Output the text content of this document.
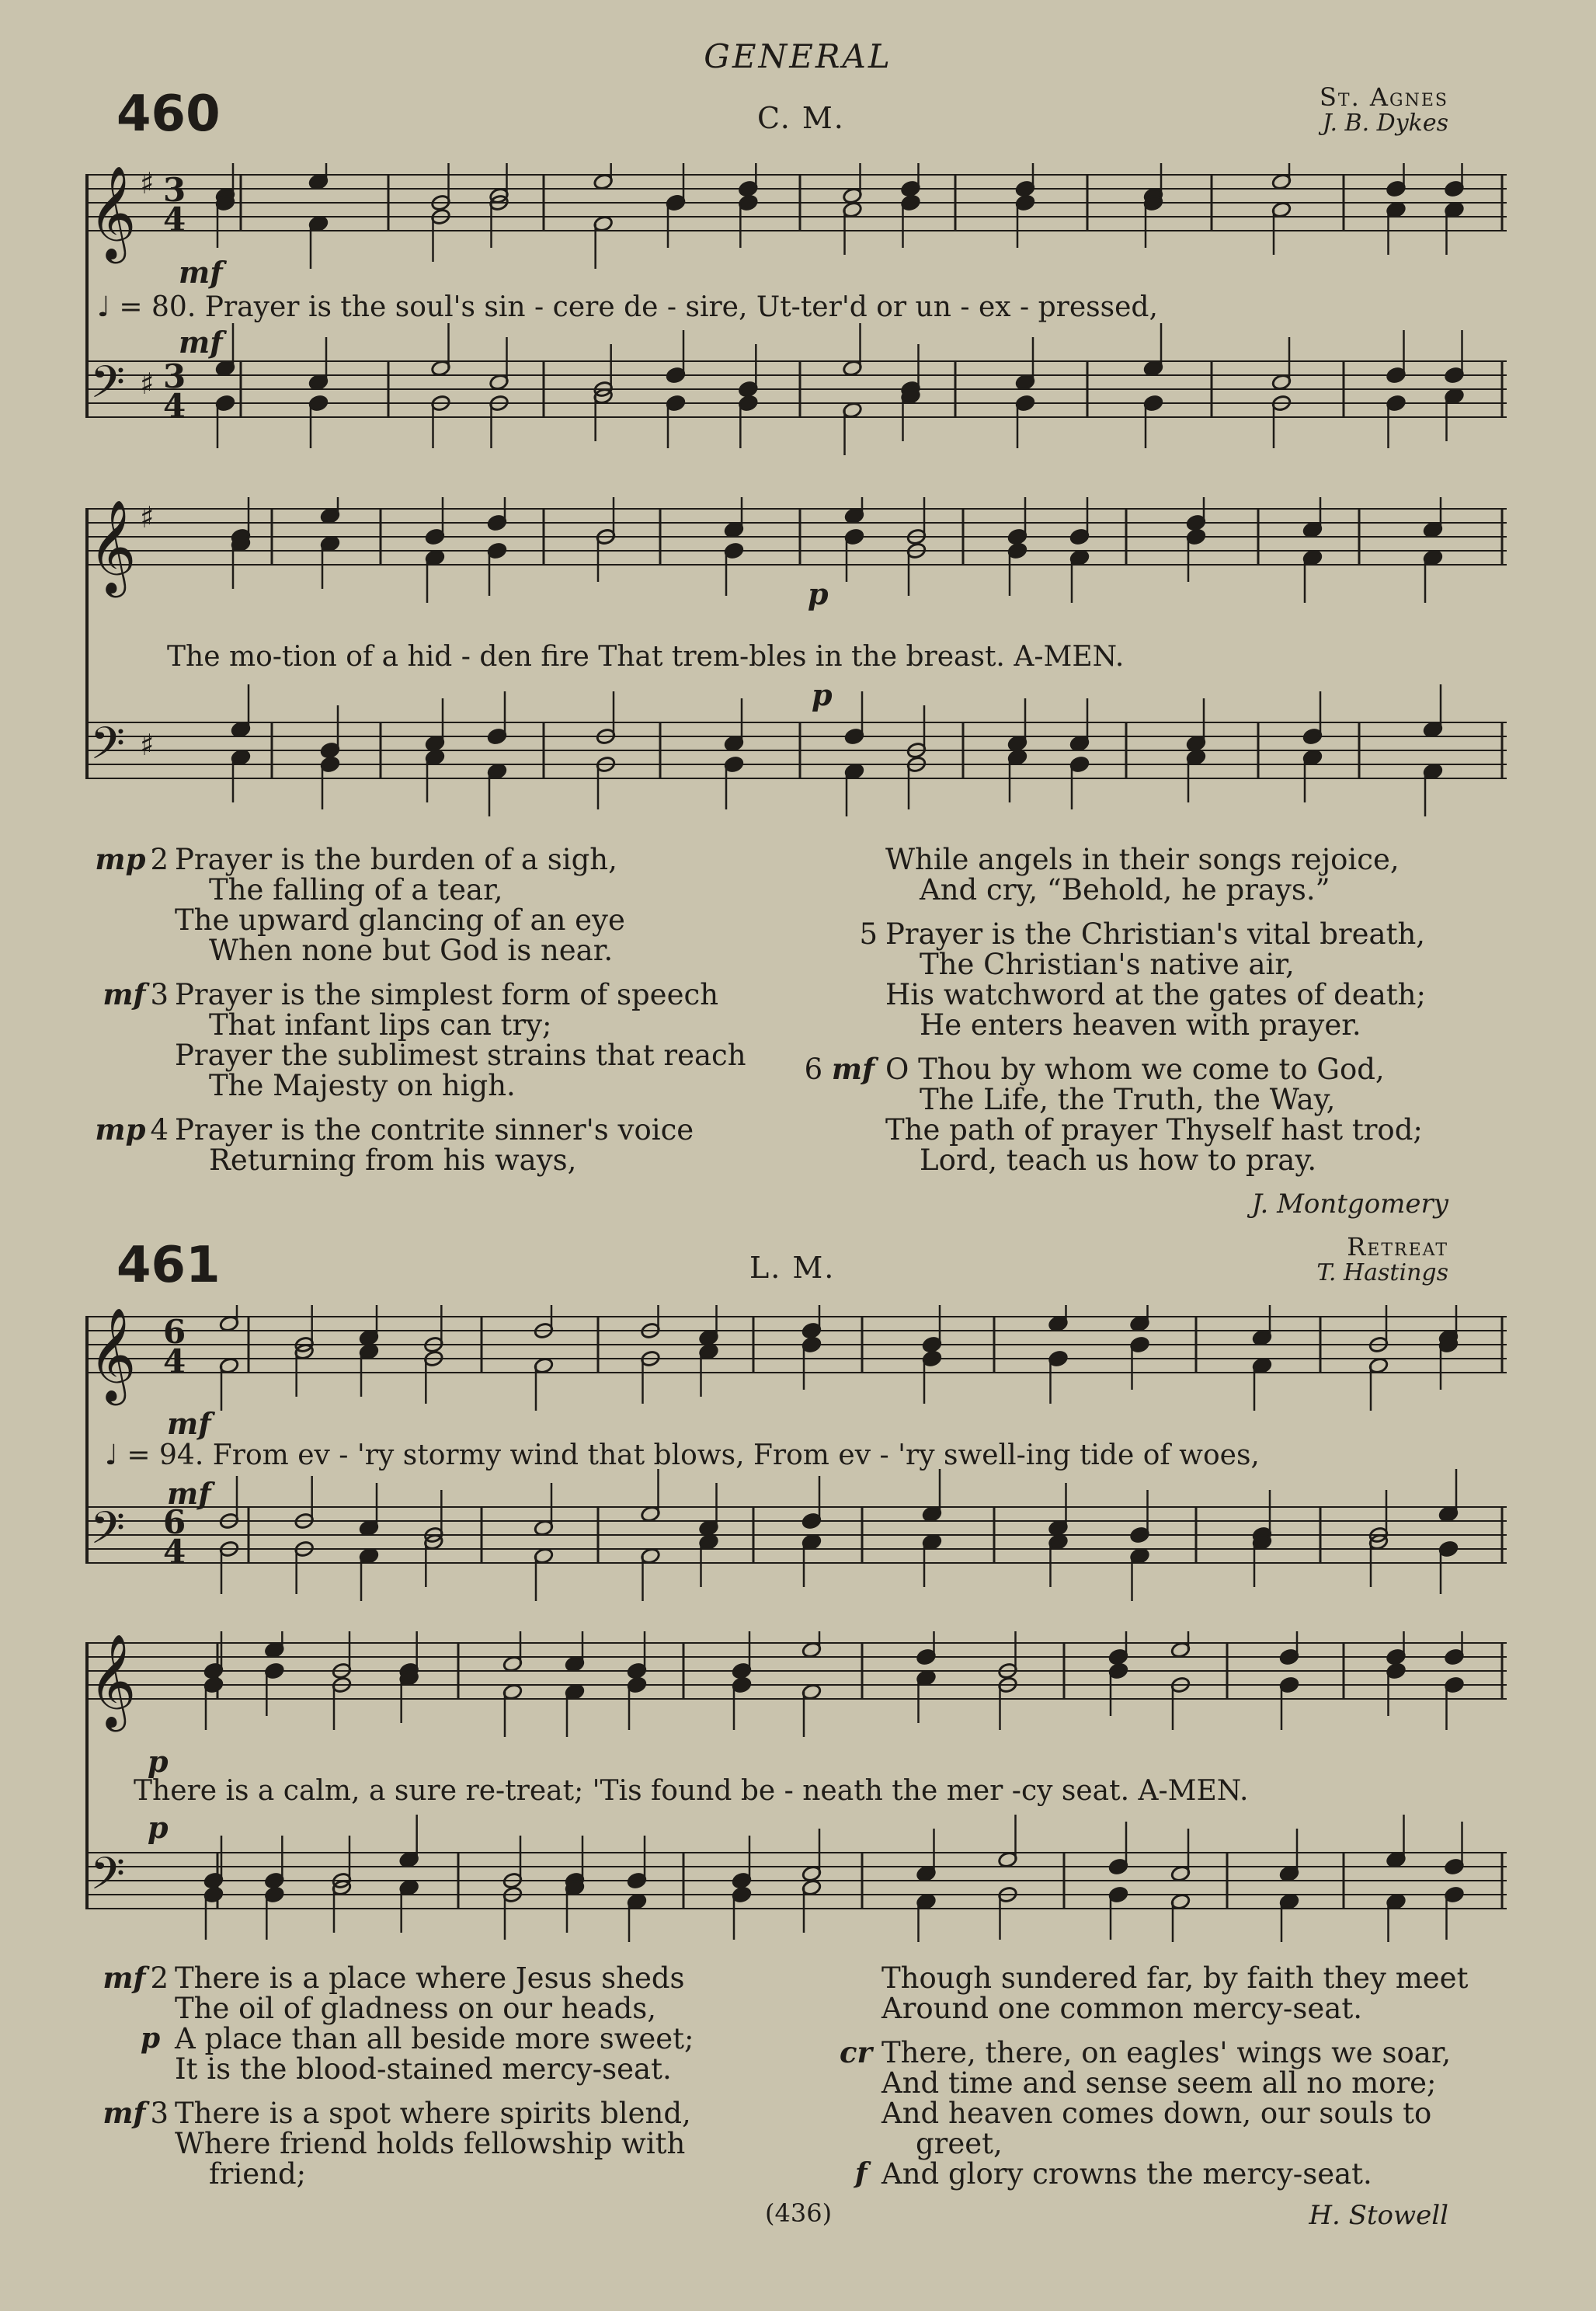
GENERAL
460	C. M.
St. Agnes
J. B. Dykes
𝄞
𝄢
♯
♯
3
4
3
4
mf
mf
♩ = 80. Prayer is the soul's sin - cere de - sire, Ut-ter'd or un - ex - pressed,
𝄞
𝄢
♯
♯
p
p
The mo-tion of a hid - den fire That trem-bles in the breast. A-MEN.
mp 2 Prayer is the burden of a sigh,
The falling of a tear,
The upward glancing of an eye
When none but God is near.
mf 3 Prayer is the simplest form of speech
That infant lips can try;
Prayer the sublimest strains that reach
The Majesty on high.
mp 4 Prayer is the contrite sinner's voice
Returning from his ways,
While angels in their songs rejoice,
And cry, “Behold, he prays.”
5 Prayer is the Christian's vital breath,
The Christian's native air,
His watchword at the gates of death;
He enters heaven with prayer.
6 mf O Thou by whom we come to God,
The Life, the Truth, the Way,
The path of prayer Thyself hast trod;
Lord, teach us how to pray.
J. Montgomery
461	L. M.
Retreat
T. Hastings
𝄞
𝄢
6
4
6
4
mf
mf
♩ = 94. From ev - 'ry stormy wind that blows, From ev - 'ry swell-ing tide of woes,
𝄞
𝄢
p
p
There is a calm, a sure re-treat; 'Tis found be - neath the mer -cy seat. A-MEN.
mf 2 There is a place where Jesus sheds
The oil of gladness on our heads,
p A place than all beside more sweet;
It is the blood-stained mercy-seat.
mf 3 There is a spot where spirits blend,
Where friend holds fellowship with
friend;
Though sundered far, by faith they meet
Around one common mercy-seat.
cr There, there, on eagles' wings we soar,
And time and sense seem all no more;
And heaven comes down, our souls to
greet,
f And glory crowns the mercy-seat.
(436)	H. Stowell
